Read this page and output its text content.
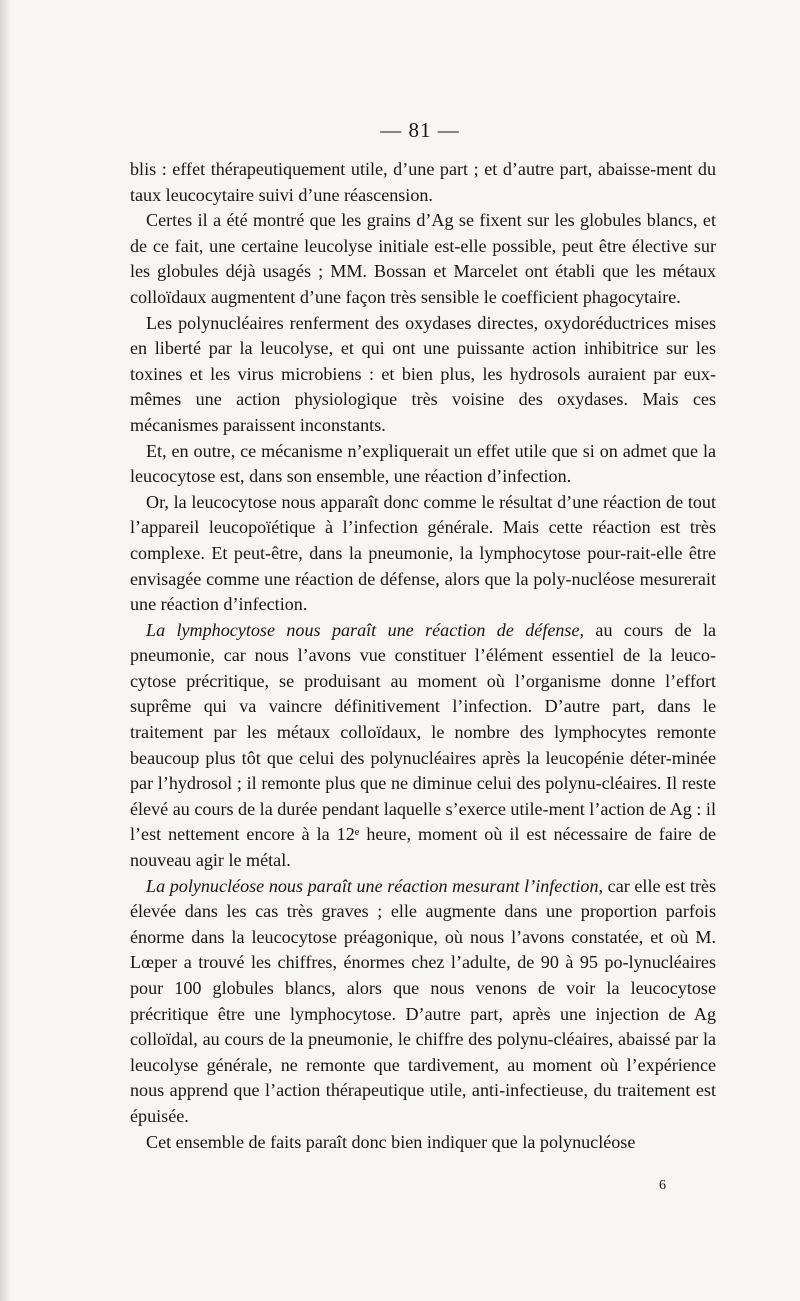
— 81 —

blis : effet thérapeutiquement utile, d’une part ; et d’autre part, abaisse-ment du taux leucocytaire suivi d’une réascension.

Certes il a été montré que les grains d’Ag se fixent sur les globules blancs, et de ce fait, une certaine leucolyse initiale est-elle possible, peut être élective sur les globules déjà usagés ; MM. Bossan et Marcelet ont établi que les métaux colloïdaux augmentent d’une façon très sensible le coefficient phagocytaire.

Les polynucléaires renferment des oxydases directes, oxydoréductrices mises en liberté par la leucolyse, et qui ont une puissante action inhibitrice sur les toxines et les virus microbiens : et bien plus, les hydrosols auraient par eux-mêmes une action physiologique très voisine des oxydases. Mais ces mécanismes paraissent inconstants.

Et, en outre, ce mécanisme n’expliquerait un effet utile que si on admet que la leucocytose est, dans son ensemble, une réaction d’infection.

Or, la leucocytose nous apparaît donc comme le résultat d’une réaction de tout l’appareil leucopoïétique à l’infection générale. Mais cette réaction est très complexe. Et peut-être, dans la pneumonie, la lymphocytose pour-rait-elle être envisagée comme une réaction de défense, alors que la poly-nucléose mesurerait une réaction d’infection.

La lymphocytose nous paraît une réaction de défense, au cours de la pneumonie, car nous l’avons vue constituer l’élément essentiel de la leuco-cytose précritique, se produisant au moment où l’organisme donne l’effort suprême qui va vaincre définitivement l’infection. D’autre part, dans le traitement par les métaux colloïdaux, le nombre des lymphocytes remonte beaucoup plus tôt que celui des polynucléaires après la leucopénie déter-minée par l’hydrosol ; il remonte plus que ne diminue celui des polynu-cléaires. Il reste élevé au cours de la durée pendant laquelle s’exerce utile-ment l’action de Ag : il l’est nettement encore à la 12ᵉ heure, moment où il est nécessaire de faire de nouveau agir le métal.

La polynucléose nous paraît une réaction mesurant l’infection, car elle est très élevée dans les cas très graves ; elle augmente dans une proportion parfois énorme dans la leucocytose préagonique, où nous l’avons constatée, et où M. Lœper a trouvé les chiffres, énormes chez l’adulte, de 90 à 95 po-lynucléaires pour 100 globules blancs, alors que nous venons de voir la leucocytose précritique être une lymphocytose. D’autre part, après une injection de Ag colloïdal, au cours de la pneumonie, le chiffre des polynu-cléaires, abaissé par la leucolyse générale, ne remonte que tardivement, au moment où l’expérience nous apprend que l’action thérapeutique utile, anti-infectieuse, du traitement est épuisée.

Cet ensemble de faits paraît donc bien indiquer que la polynucléose

6
